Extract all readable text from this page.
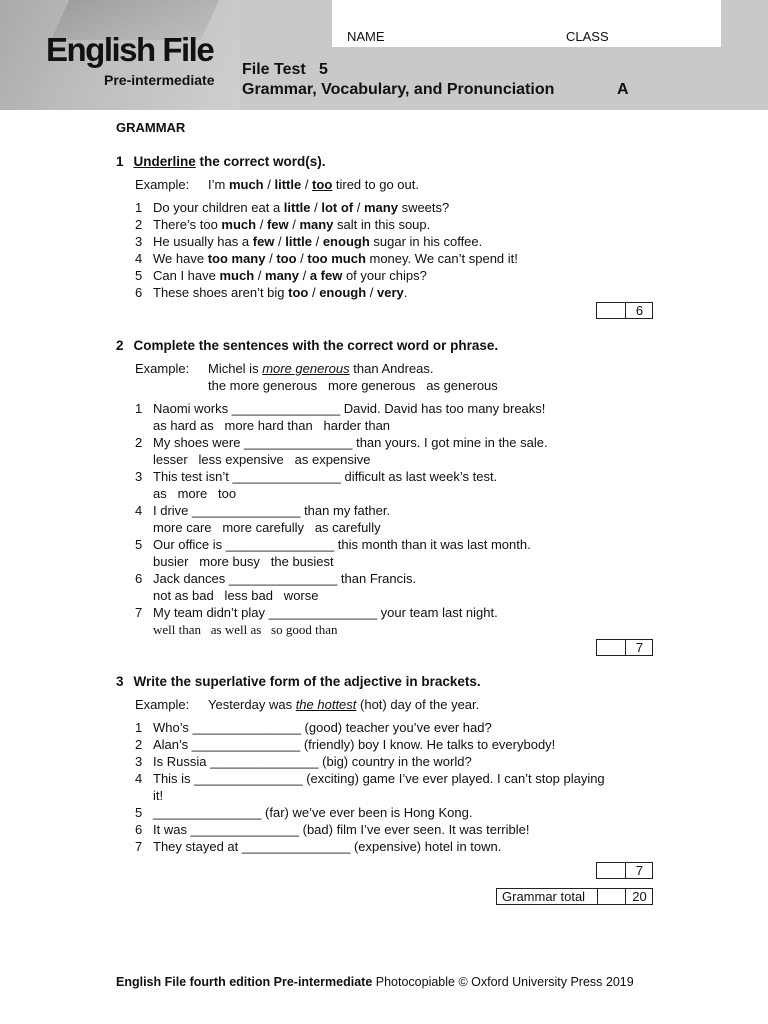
English File
Pre-intermediate
NAME	CLASS
File Test   5
Grammar, Vocabulary, and Pronunciation	A
GRAMMAR
1 Underline the correct word(s).
Example: I’m much / little / too tired to go out.
1 Do your children eat a little / lot of / many sweets?
2 There’s too much / few / many salt in this soup.
3 He usually has a few / little / enough sugar in his coffee.
4 We have too many / too / too much money. We can’t spend it!
5 Can I have much / many / a few of your chips?
6 These shoes aren’t big too / enough / very.
6
2 Complete the sentences with the correct word or phrase.
Example: Michel is more generous than Andreas.
the more generous   more generous   as generous
1 Naomi works _______________ David. David has too many breaks!
as hard as   more hard than   harder than
2 My shoes were _______________ than yours. I got mine in the sale.
lesser   less expensive   as expensive
3 This test isn’t _______________ difficult as last week’s test.
as   more   too
4 I drive _______________ than my father.
more care   more carefully   as carefully
5 Our office is _______________ this month than it was last month.
busier   more busy   the busiest
6 Jack dances _______________ than Francis.
not as bad   less bad   worse
7 My team didn’t play _______________ your team last night.
well than   as well as   so good than
7
3 Write the superlative form of the adjective in brackets.
Example: Yesterday was the hottest (hot) day of the year.
1 Who’s _______________ (good) teacher you’ve ever had?
2 Alan’s _______________ (friendly) boy I know. He talks to everybody!
3 Is Russia _______________ (big) country in the world?
4 This is _______________ (exciting) game I’ve ever played. I can’t stop playing
it!
5 _______________ (far) we’ve ever been is Hong Kong.
6 It was _______________ (bad) film I’ve ever seen. It was terrible!
7 They stayed at _______________ (expensive) hotel in town.
7
Grammar total	20
English File fourth edition Pre-intermediate Photocopiable © Oxford University Press 2019
